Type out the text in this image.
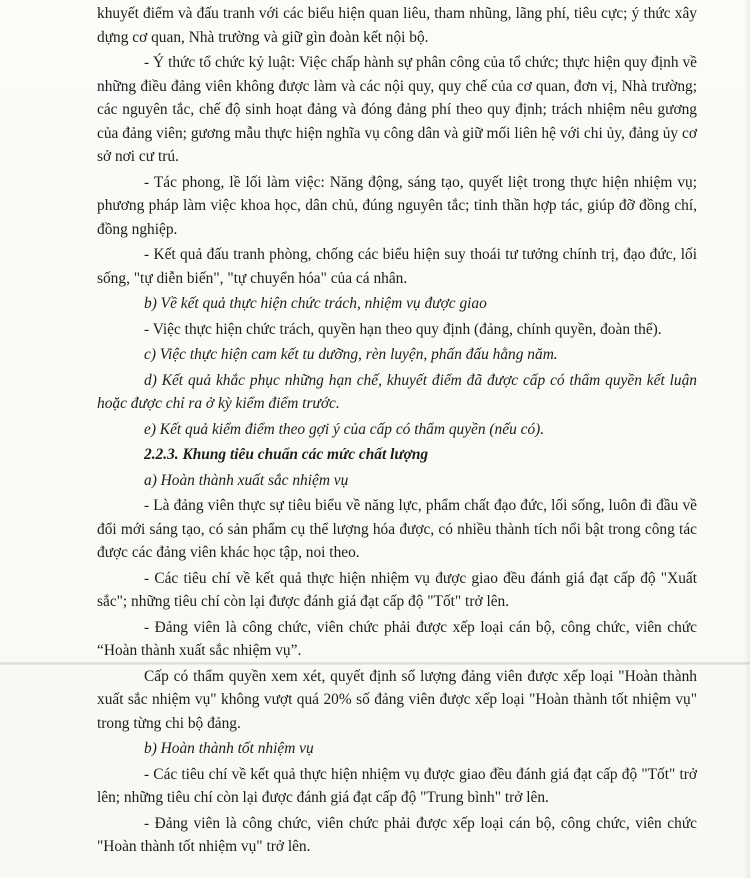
khuyết điểm và đấu tranh với các biểu hiện quan liêu, tham nhũng, lãng phí, tiêu cực; ý thức xây dựng cơ quan, Nhà trường và giữ gìn đoàn kết nội bộ.

- Ý thức tổ chức kỷ luật: Việc chấp hành sự phân công của tổ chức; thực hiện quy định về những điều đảng viên không được làm và các nội quy, quy chế của cơ quan, đơn vị, Nhà trường; các nguyên tắc, chế độ sinh hoạt đảng và đóng đảng phí theo quy định; trách nhiệm nêu gương của đảng viên; gương mẫu thực hiện nghĩa vụ công dân và giữ mối liên hệ với chi ủy, đảng ủy cơ sở nơi cư trú.

- Tác phong, lề lối làm việc: Năng động, sáng tạo, quyết liệt trong thực hiện nhiệm vụ; phương pháp làm việc khoa học, dân chủ, đúng nguyên tắc; tinh thần hợp tác, giúp đỡ đồng chí, đồng nghiệp.

- Kết quả đấu tranh phòng, chống các biểu hiện suy thoái tư tưởng chính trị, đạo đức, lối sống, "tự diễn biến", "tự chuyển hóa" của cá nhân.

b) Về kết quả thực hiện chức trách, nhiệm vụ được giao

- Việc thực hiện chức trách, quyền hạn theo quy định (đảng, chính quyền, đoàn thể).

c) Việc thực hiện cam kết tu dưỡng, rèn luyện, phấn đấu hằng năm.

d) Kết quả khắc phục những hạn chế, khuyết điểm đã được cấp có thẩm quyền kết luận hoặc được chỉ ra ở kỳ kiểm điểm trước.

e) Kết quả kiểm điểm theo gợi ý của cấp có thẩm quyền (nếu có).

2.2.3. Khung tiêu chuẩn các mức chất lượng

a) Hoàn thành xuất sắc nhiệm vụ

- Là đảng viên thực sự tiêu biểu về năng lực, phẩm chất đạo đức, lối sống, luôn đi đầu về đổi mới sáng tạo, có sản phẩm cụ thể lượng hóa được, có nhiều thành tích nổi bật trong công tác được các đảng viên khác học tập, noi theo.

- Các tiêu chí về kết quả thực hiện nhiệm vụ được giao đều đánh giá đạt cấp độ "Xuất sắc"; những tiêu chí còn lại được đánh giá đạt cấp độ "Tốt" trở lên.

- Đảng viên là công chức, viên chức phải được xếp loại cán bộ, công chức, viên chức “Hoàn thành xuất sắc nhiệm vụ”.

Cấp có thẩm quyền xem xét, quyết định số lượng đảng viên được xếp loại "Hoàn thành xuất sắc nhiệm vụ" không vượt quá 20% số đảng viên được xếp loại "Hoàn thành tốt nhiệm vụ" trong từng chi bộ đảng.

b) Hoàn thành tốt nhiệm vụ

- Các tiêu chí về kết quả thực hiện nhiệm vụ được giao đều đánh giá đạt cấp độ "Tốt" trở lên; những tiêu chí còn lại được đánh giá đạt cấp độ "Trung bình" trở lên.

- Đảng viên là công chức, viên chức phải được xếp loại cán bộ, công chức, viên chức "Hoàn thành tốt nhiệm vụ" trở lên.
